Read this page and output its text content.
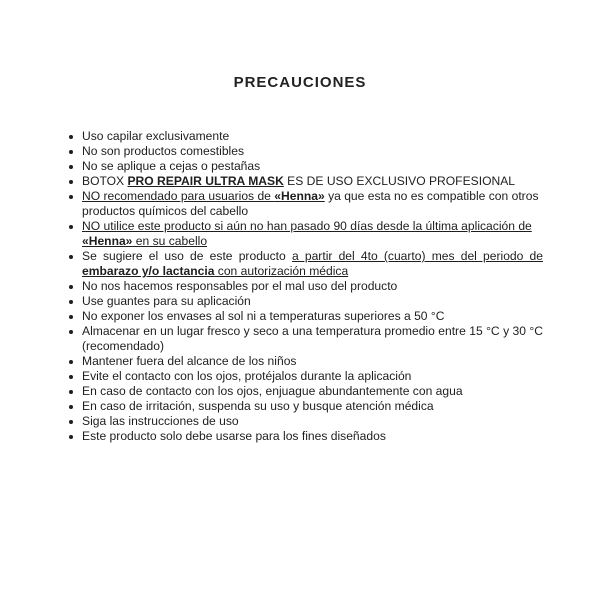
PRECAUCIONES
Uso capilar exclusivamente
No son productos comestibles
No se aplique a cejas o pestañas
BOTOX PRO REPAIR ULTRA MASK ES DE USO EXCLUSIVO PROFESIONAL
NO recomendado para usuarios de «Henna» ya que esta no es compatible con otros productos químicos del cabello
NO utilice este producto si aún no han pasado 90 días desde la última aplicación de «Henna» en su cabello
Se sugiere el uso de este producto a partir del 4to (cuarto) mes del periodo de embarazo y/o lactancia con autorización médica
No nos hacemos responsables por el mal uso del producto
Use guantes para su aplicación
No exponer los envases al sol ni a temperaturas superiores a 50 °C
Almacenar en un lugar fresco y seco a una temperatura promedio entre 15 °C y 30 °C (recomendado)
Mantener fuera del alcance de los niños
Evite el contacto con los ojos, protéjalos durante la aplicación
En caso de contacto con los ojos, enjuague abundantemente con agua
En caso de irritación, suspenda su uso y busque atención médica
Siga las instrucciones de uso
Este producto solo debe usarse para los fines diseñados
